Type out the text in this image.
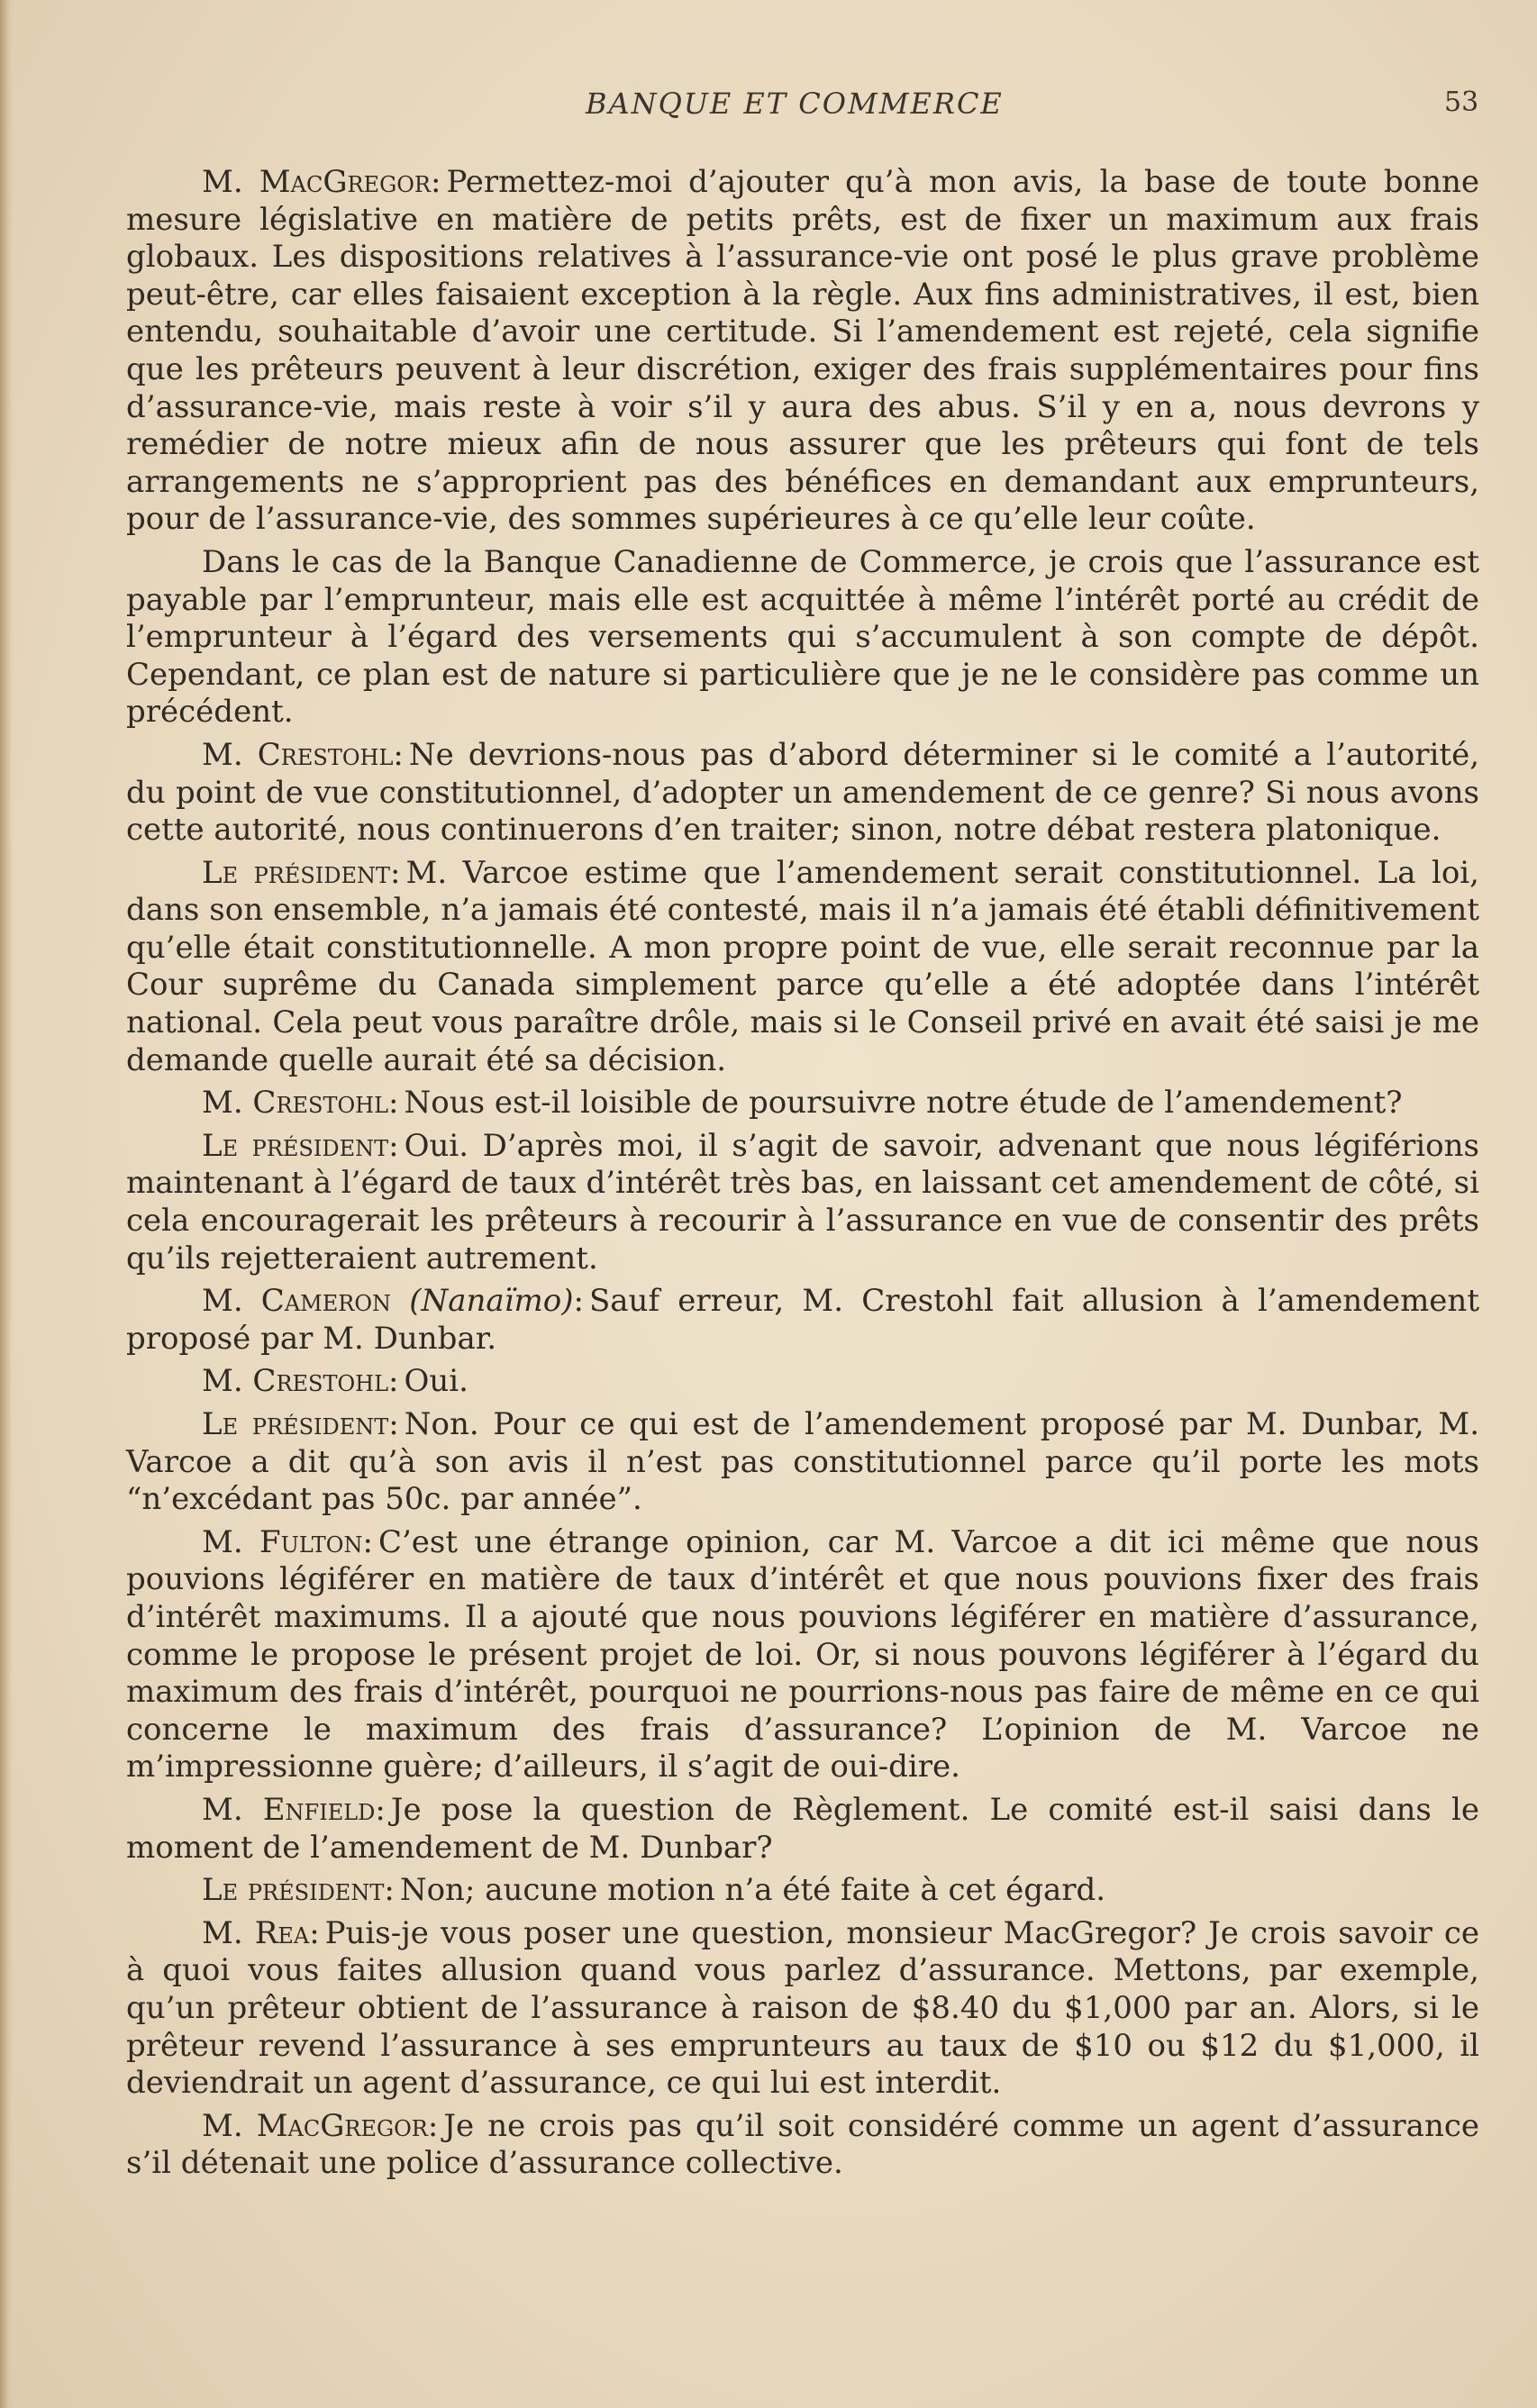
BANQUE ET COMMERCE	53

M. MacGregor: Permettez-moi d’ajouter qu’à mon avis, la base de toute bonne mesure législative en matière de petits prêts, est de fixer un maximum aux frais globaux. Les dispositions relatives à l’assurance-vie ont posé le plus grave problème peut-être, car elles faisaient exception à la règle. Aux fins administratives, il est, bien entendu, souhaitable d’avoir une certitude. Si l’amendement est rejeté, cela signifie que les prêteurs peuvent à leur discrétion, exiger des frais supplémentaires pour fins d’assurance-vie, mais reste à voir s’il y aura des abus. S’il y en a, nous devrons y remédier de notre mieux afin de nous assurer que les prêteurs qui font de tels arrangements ne s’approprient pas des bénéfices en demandant aux emprunteurs, pour de l’assurance-vie, des sommes supérieures à ce qu’elle leur coûte.

Dans le cas de la Banque Canadienne de Commerce, je crois que l’assurance est payable par l’emprunteur, mais elle est acquittée à même l’intérêt porté au crédit de l’emprunteur à l’égard des versements qui s’accumulent à son compte de dépôt. Cependant, ce plan est de nature si particulière que je ne le considère pas comme un précédent.

M. Crestohl: Ne devrions-nous pas d’abord déterminer si le comité a l’autorité, du point de vue constitutionnel, d’adopter un amendement de ce genre? Si nous avons cette autorité, nous continuerons d’en traiter; sinon, notre débat restera platonique.

Le président: M. Varcoe estime que l’amendement serait constitutionnel. La loi, dans son ensemble, n’a jamais été contesté, mais il n’a jamais été établi définitivement qu’elle était constitutionnelle. A mon propre point de vue, elle serait reconnue par la Cour suprême du Canada simplement parce qu’elle a été adoptée dans l’intérêt national. Cela peut vous paraître drôle, mais si le Conseil privé en avait été saisi je me demande quelle aurait été sa décision.

M. Crestohl: Nous est-il loisible de poursuivre notre étude de l’amendement?

Le président: Oui. D’après moi, il s’agit de savoir, advenant que nous légiférions maintenant à l’égard de taux d’intérêt très bas, en laissant cet amendement de côté, si cela encouragerait les prêteurs à recourir à l’assurance en vue de consentir des prêts qu’ils rejetteraient autrement.

M. Cameron (Nanaïmo): Sauf erreur, M. Crestohl fait allusion à l’amendement proposé par M. Dunbar.

M. Crestohl: Oui.

Le président: Non. Pour ce qui est de l’amendement proposé par M. Dunbar, M. Varcoe a dit qu’à son avis il n’est pas constitutionnel parce qu’il porte les mots “n’excédant pas 50c. par année”.

M. Fulton: C’est une étrange opinion, car M. Varcoe a dit ici même que nous pouvions légiférer en matière de taux d’intérêt et que nous pouvions fixer des frais d’intérêt maximums. Il a ajouté que nous pouvions légiférer en matière d’assurance, comme le propose le présent projet de loi. Or, si nous pouvons légiférer à l’égard du maximum des frais d’intérêt, pourquoi ne pourrions-nous pas faire de même en ce qui concerne le maximum des frais d’assurance? L’opinion de M. Varcoe ne m’impressionne guère; d’ailleurs, il s’agit de oui-dire.

M. Enfield: Je pose la question de Règlement. Le comité est-il saisi dans le moment de l’amendement de M. Dunbar?

Le président: Non; aucune motion n’a été faite à cet égard.

M. Rea: Puis-je vous poser une question, monsieur MacGregor? Je crois savoir ce à quoi vous faites allusion quand vous parlez d’assurance. Mettons, par exemple, qu’un prêteur obtient de l’assurance à raison de $8.40 du $1,000 par an. Alors, si le prêteur revend l’assurance à ses emprunteurs au taux de $10 ou $12 du $1,000, il deviendrait un agent d’assurance, ce qui lui est interdit.

M. MacGregor: Je ne crois pas qu’il soit considéré comme un agent d’assurance s’il détenait une police d’assurance collective.
